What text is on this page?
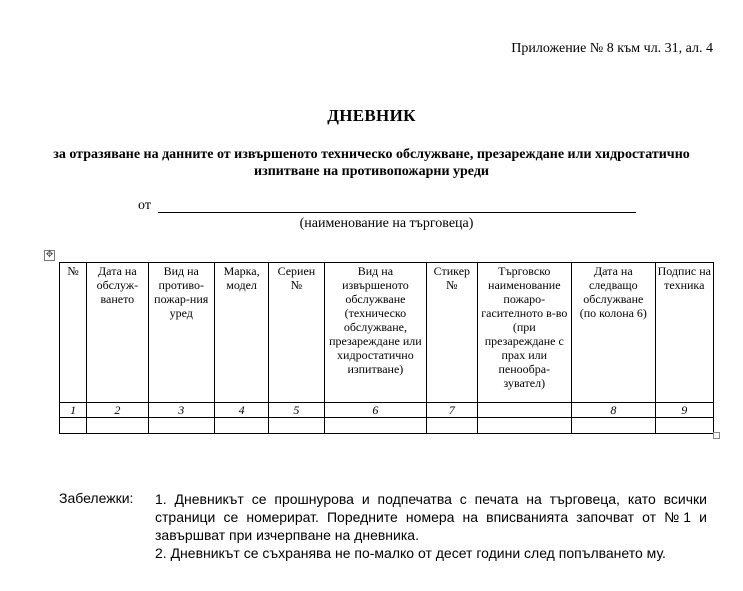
Приложение № 8 към чл. 31, ал. 4
ДНЕВНИК
за отразяване на данните от извършеното техническо обслужване, презареждане или хидростатично изпитване на противопожарни уреди
от
(наименование на търговеца)
✥
№	Дата на обслуж-ването	Вид на противо-пожар-ния уред	Марка, модел	Сериен №	Вид на извършеното обслужване (техническо обслужване, презареждане или хидростатично изпитване)	Стикер №	Търговско наименование пожаро-гасителното в-во (при презареждане с прах или пенообра-зувател)	Дата на следващо обслужване (по колона 6)	Подпис на техника
1	2	3	4	5	6	7		8	9

Забележки: 1. Дневникът се прошнурова и подпечатва с печата на търговеца, като всички страници се номерират. Поредните номера на вписванията започват от №1 и завършват при изчерпване на дневника.
2. Дневникът се съхранява не по-малко от десет години след попълването му.
